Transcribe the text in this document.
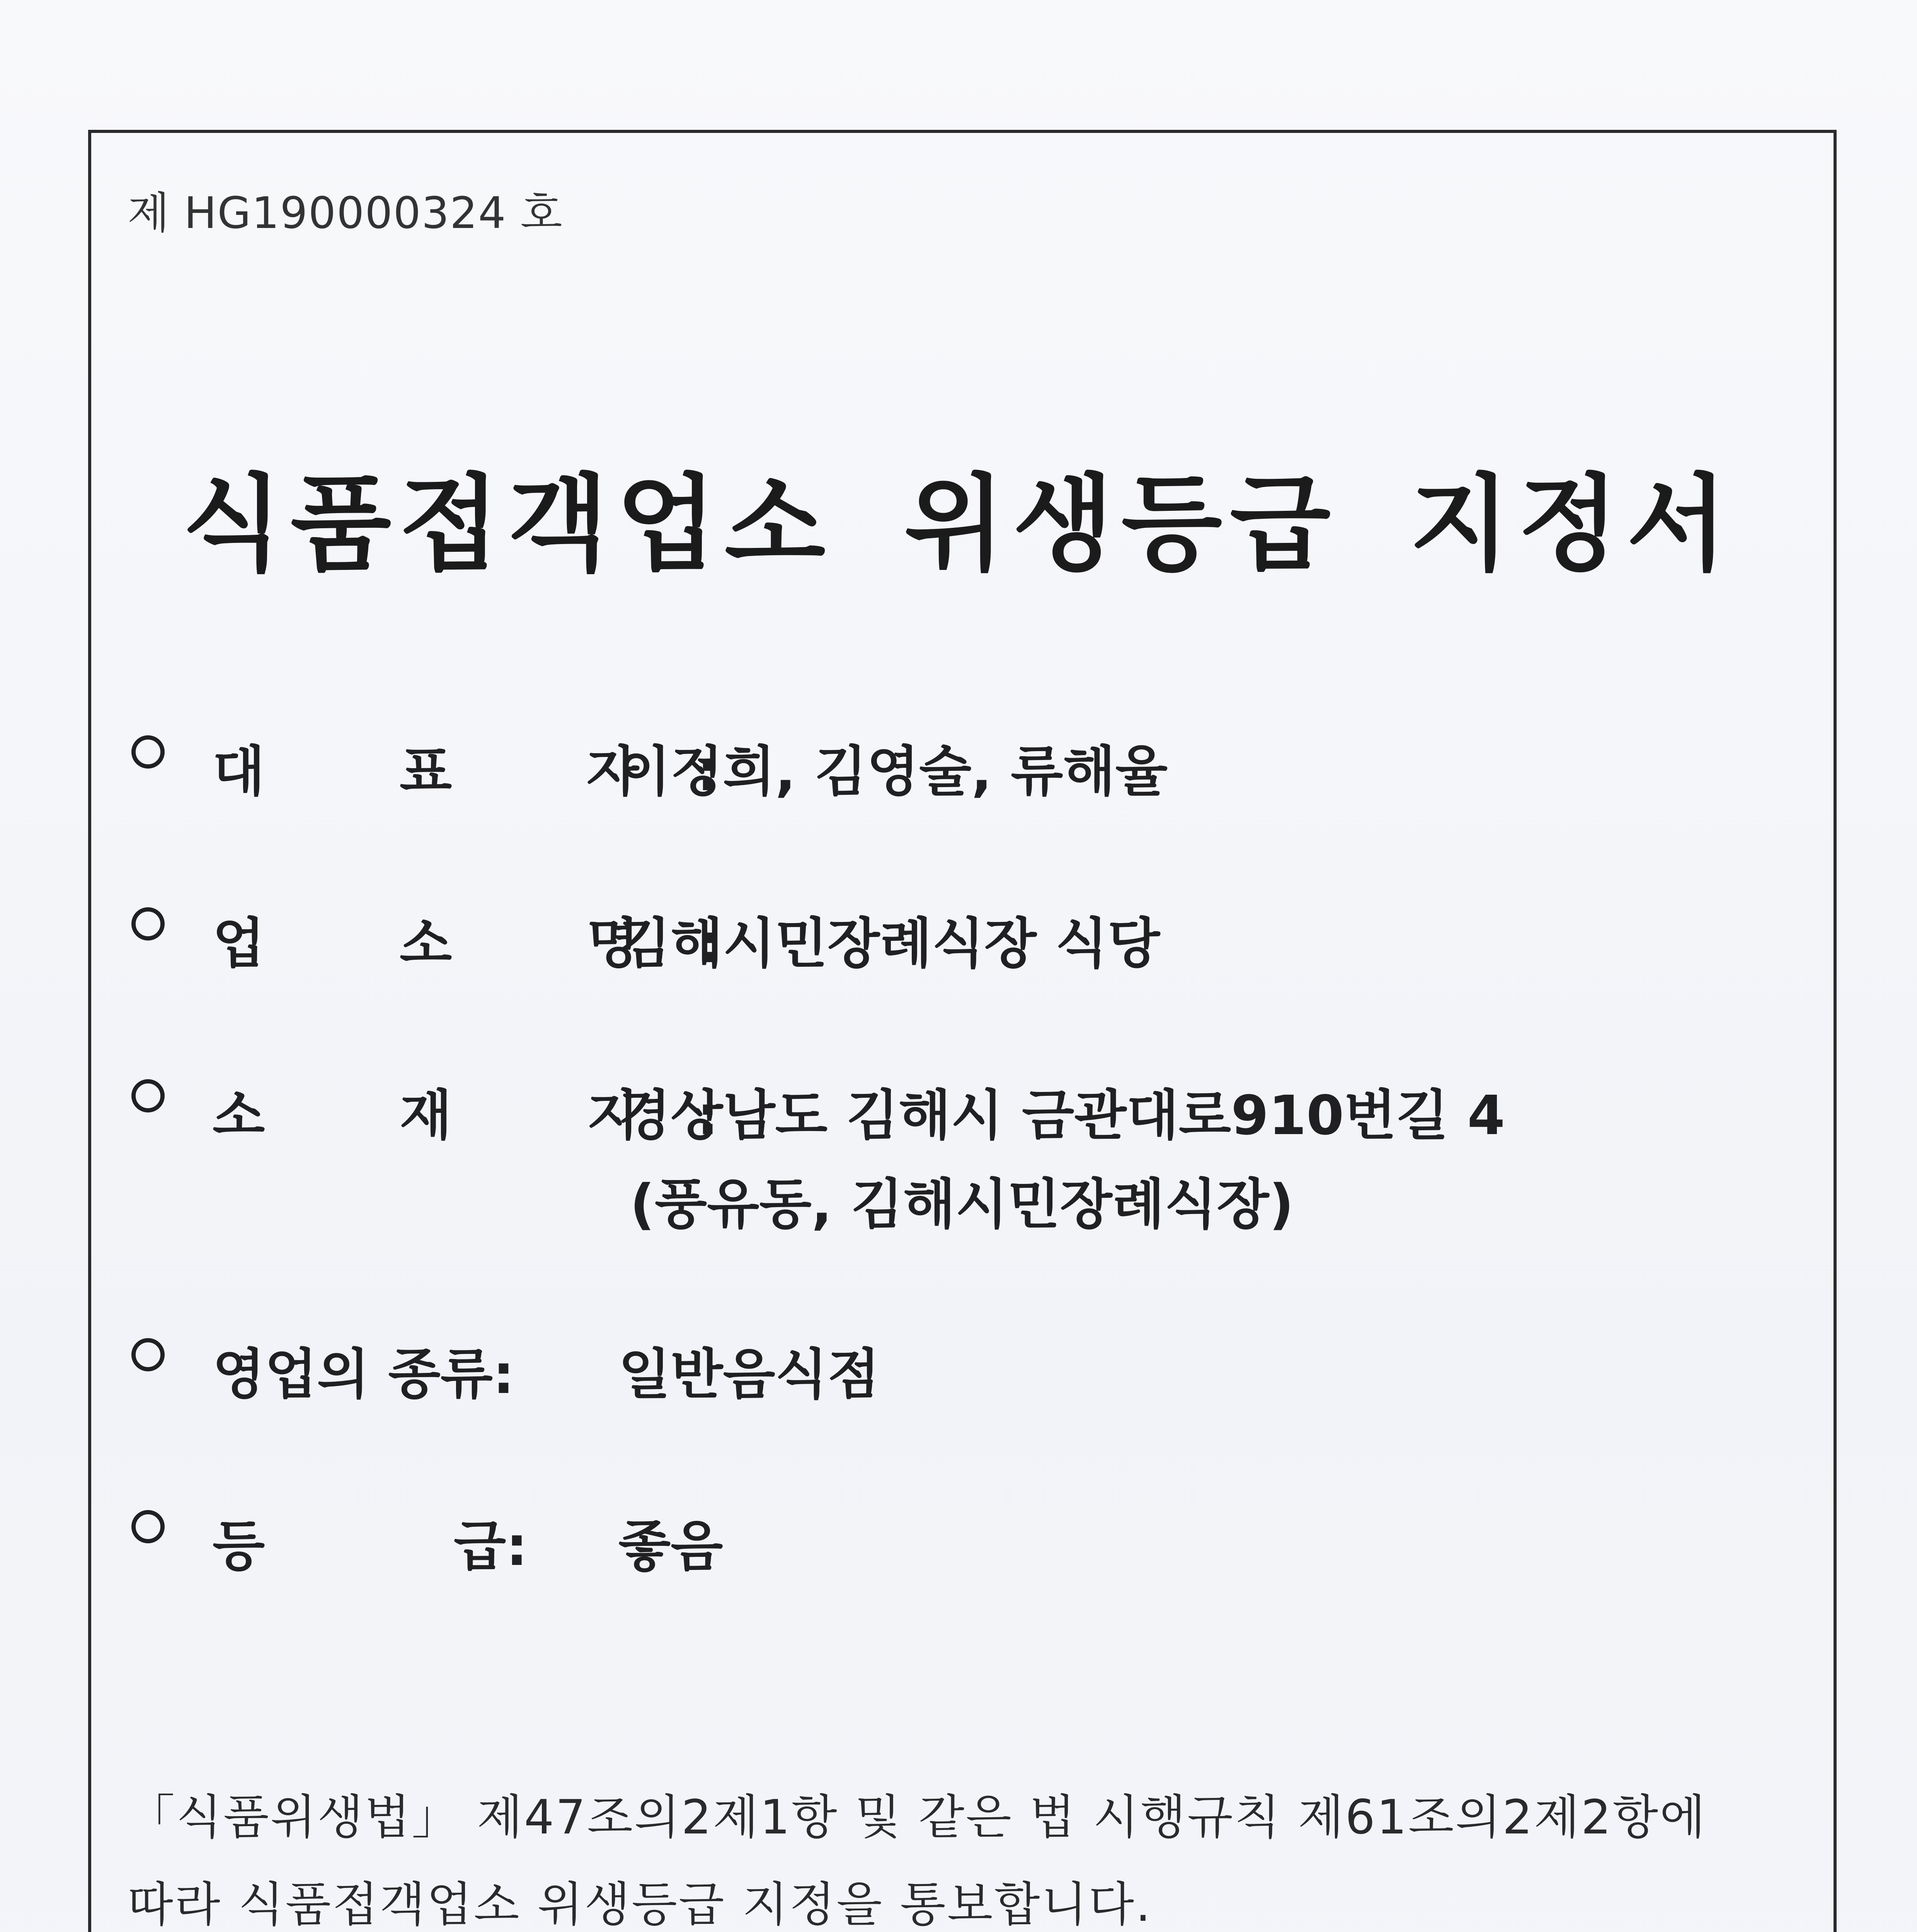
제 HG190000324 호
식품접객업소 위생등급 지정서
대 표 자:
이정희, 김영술, 류해율
업 소 명:
김해시민장례식장 식당
소 재 지:
경상남도 김해시 금관대로910번길 4
(풍유동, 김해시민장례식장)
영업의 종류:	일반음식점
등 급:	좋음
「식품위생법」 제47조의2제1항 및 같은 법 시행규칙 제61조의2제2항에
따라 식품접객업소 위생등급 지정을 통보합니다.
